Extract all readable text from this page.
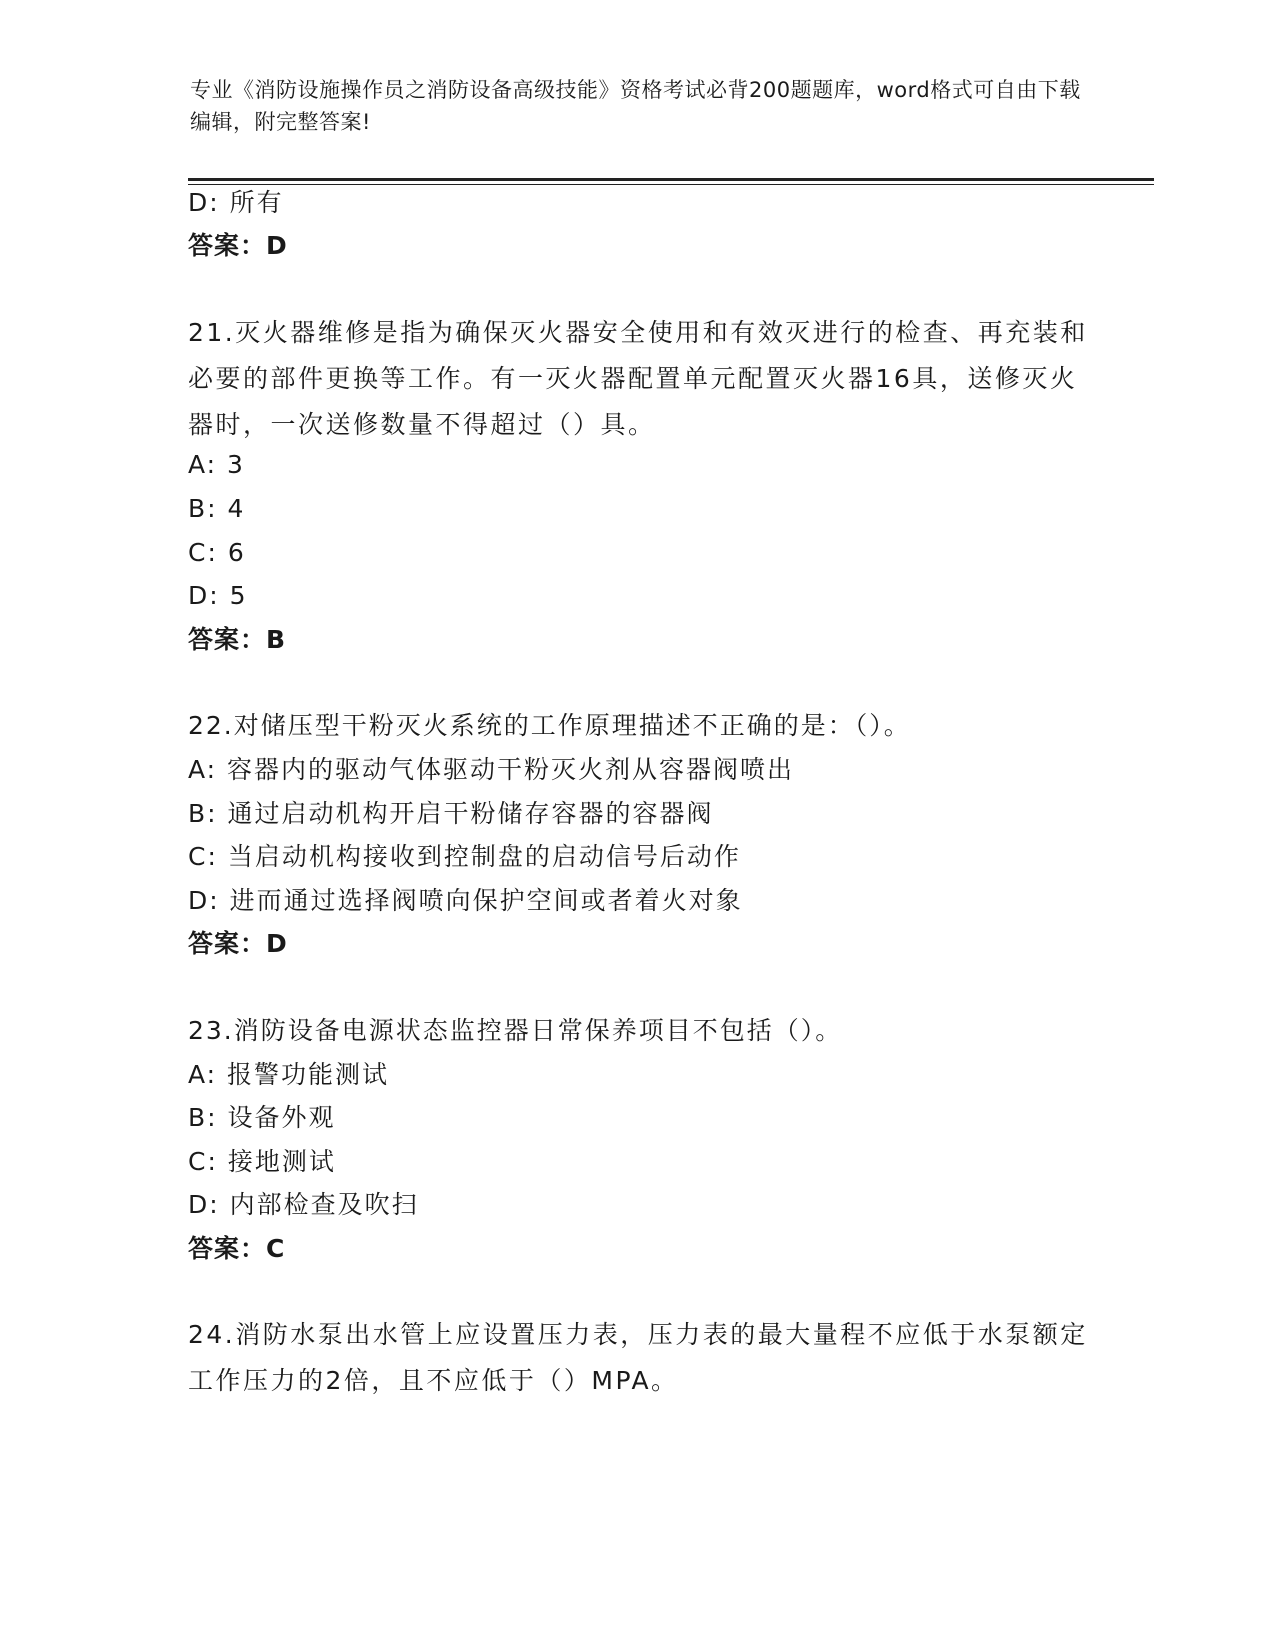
专业《消防设施操作员之消防设备高级技能》资格考试必背200题题库，word格式可自由下载编辑，附完整答案!
D: 所有
答案：D
21.灭火器维修是指为确保灭火器安全使用和有效灭进行的检查、再充装和必要的部件更换等工作。有一灭火器配置单元配置灭火器16具，送修灭火器时，一次送修数量不得超过（）具。
A: 3
B: 4
C: 6
D: 5
答案：B
22.对储压型干粉灭火系统的工作原理描述不正确的是：（）。
A: 容器内的驱动气体驱动干粉灭火剂从容器阀喷出
B: 通过启动机构开启干粉储存容器的容器阀
C: 当启动机构接收到控制盘的启动信号后动作
D: 进而通过选择阀喷向保护空间或者着火对象
答案：D
23.消防设备电源状态监控器日常保养项目不包括（）。
A: 报警功能测试
B: 设备外观
C: 接地测试
D: 内部检查及吹扫
答案：C
24.消防水泵出水管上应设置压力表，压力表的最大量程不应低于水泵额定工作压力的2倍，且不应低于（）MPA。
